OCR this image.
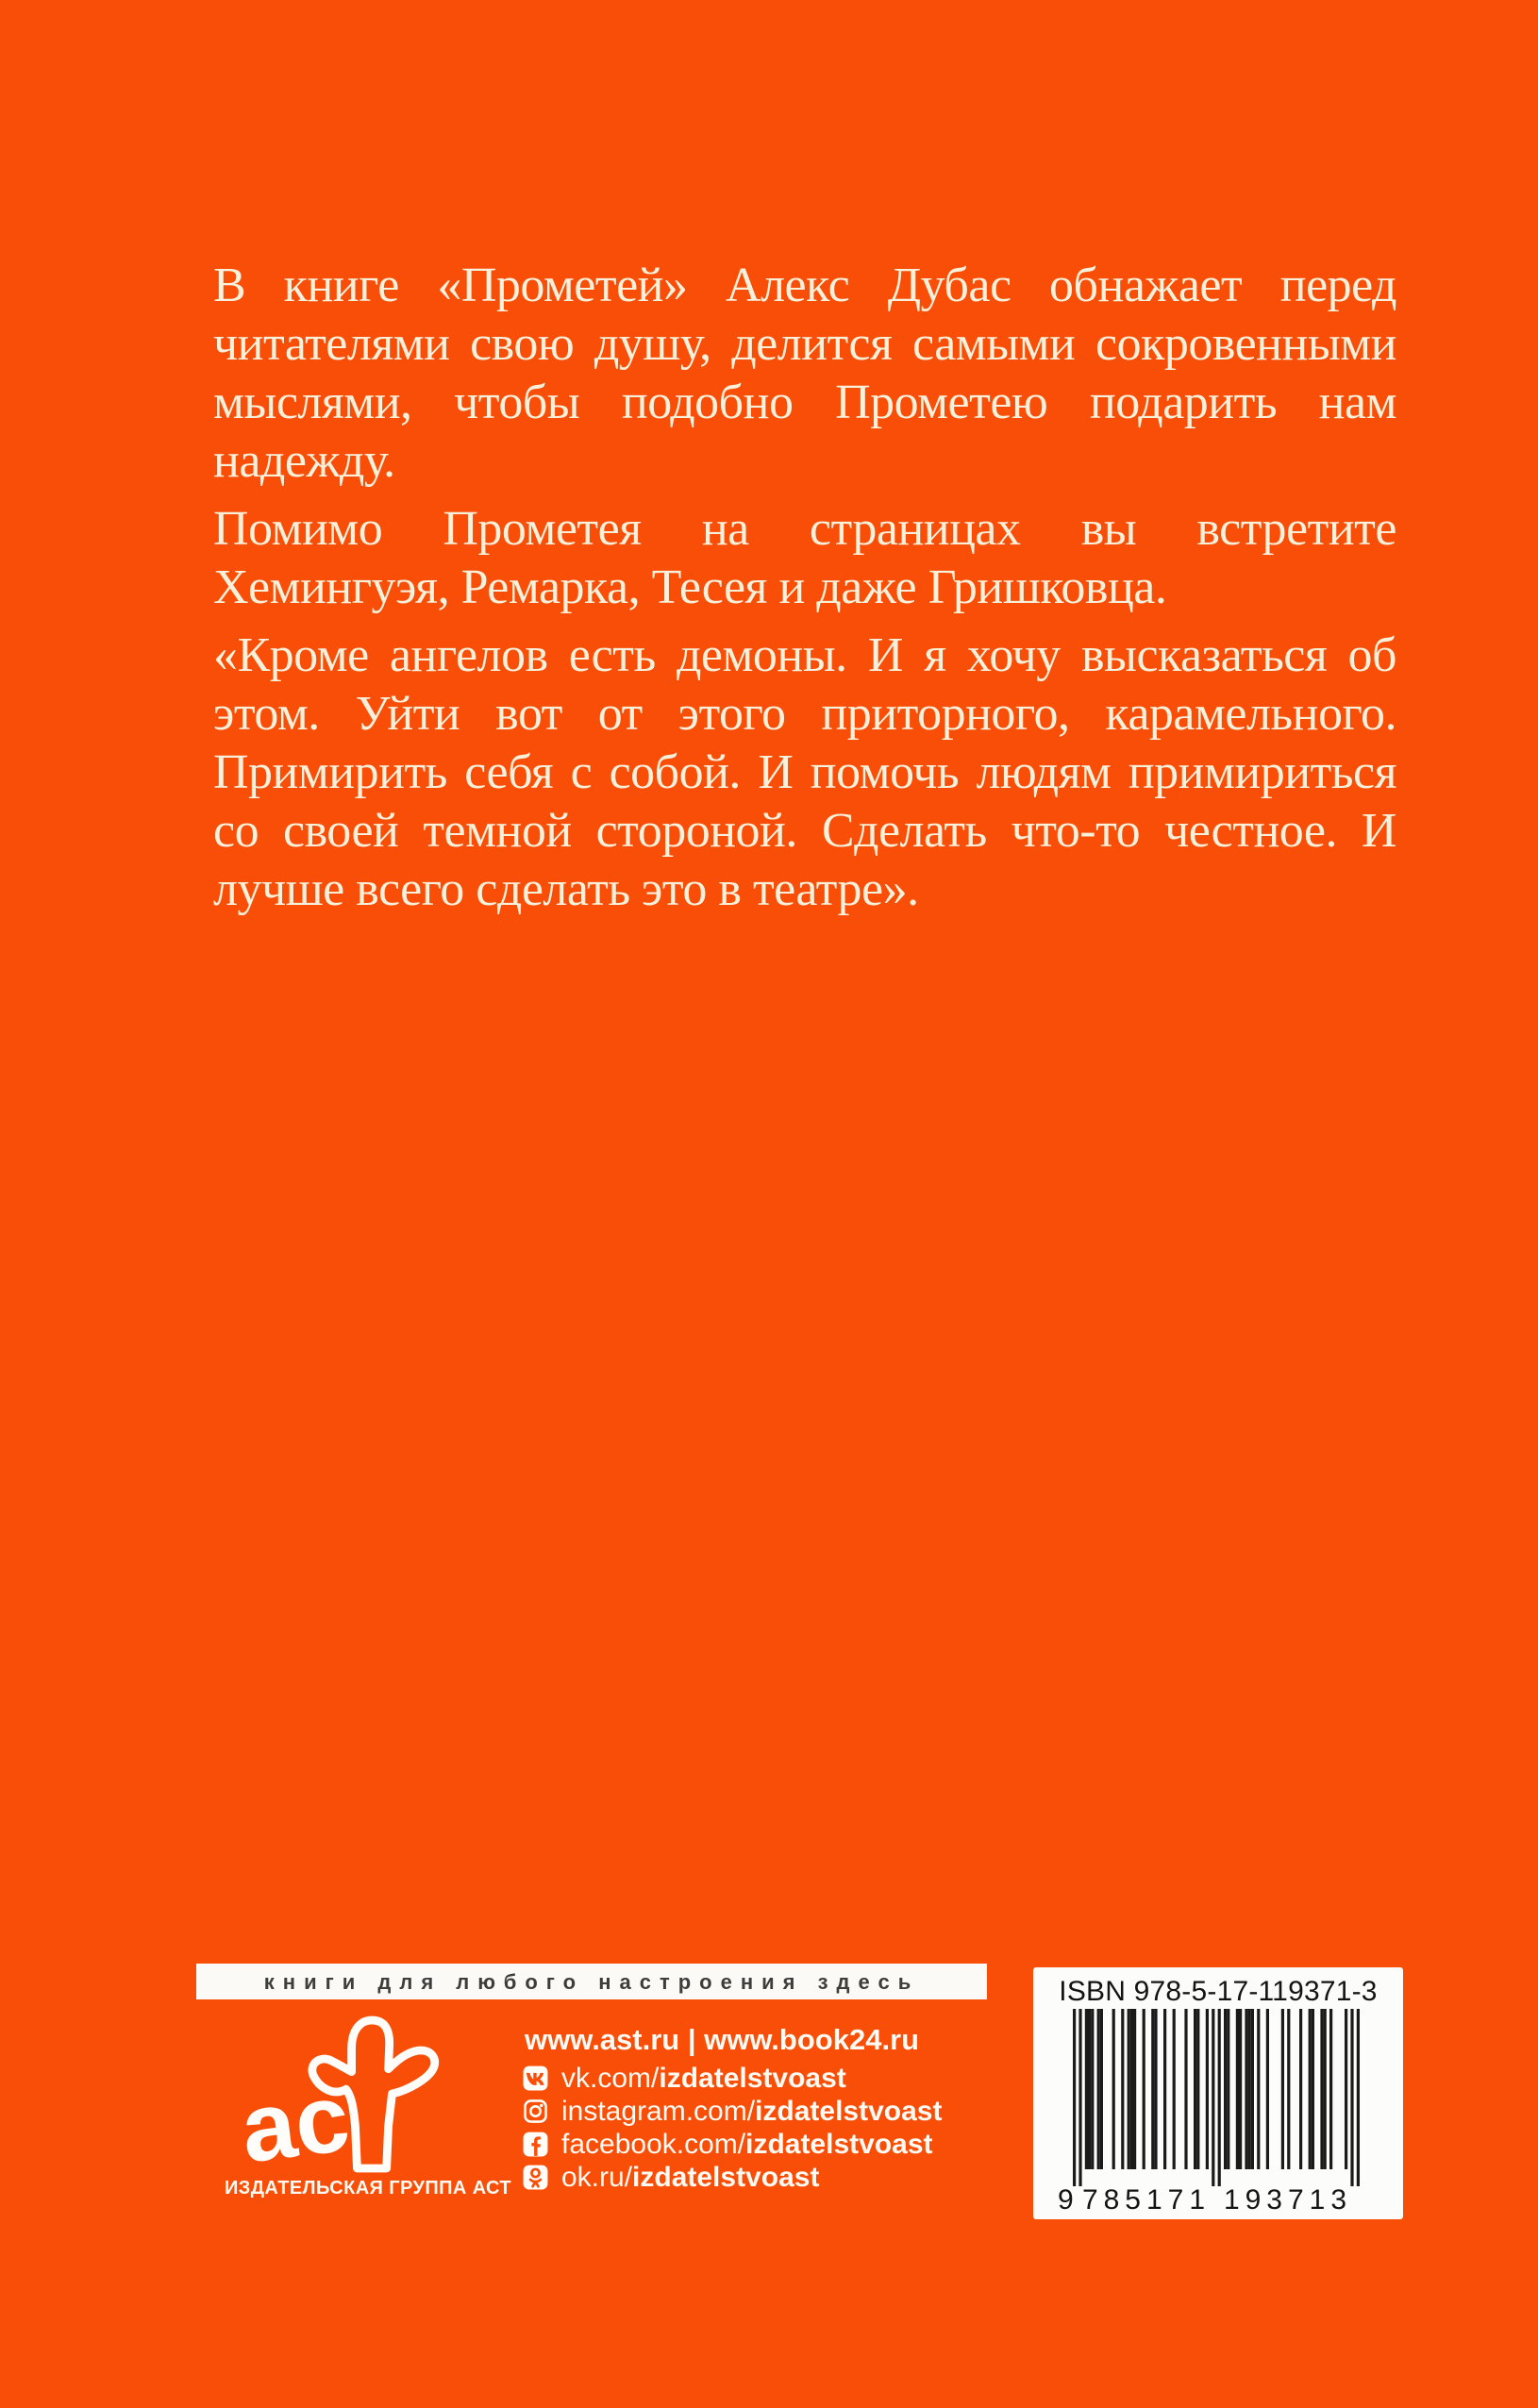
В книге «Прометей» Алекс Дубас обнажает перед читателями свою душу, делится самыми сокровенными мыслями, чтобы подобно Прометею подарить нам надежду.

Помимо Прометея на страницах вы встретите Хемингуэя, Ремарка, Тесея и даже Гришковца.

«Кроме ангелов есть демоны. И я хочу высказаться об этом. Уйти вот от этого приторного, карамельного. Примирить себя с собой. И помочь людям примириться со своей темной стороной. Сделать что-то честное. И лучше всего сделать это в театре».

книги для любого настроения здесь
ас
ИЗДАТЕЛЬСКАЯ ГРУППА АСТ
www.ast.ru | www.book24.ru
vk.com/izdatelstvoast
instagram.com/izdatelstvoast
facebook.com/izdatelstvoast
ok.ru/izdatelstvoast
ISBN 978-5-17-119371-3
9 785171 193713
